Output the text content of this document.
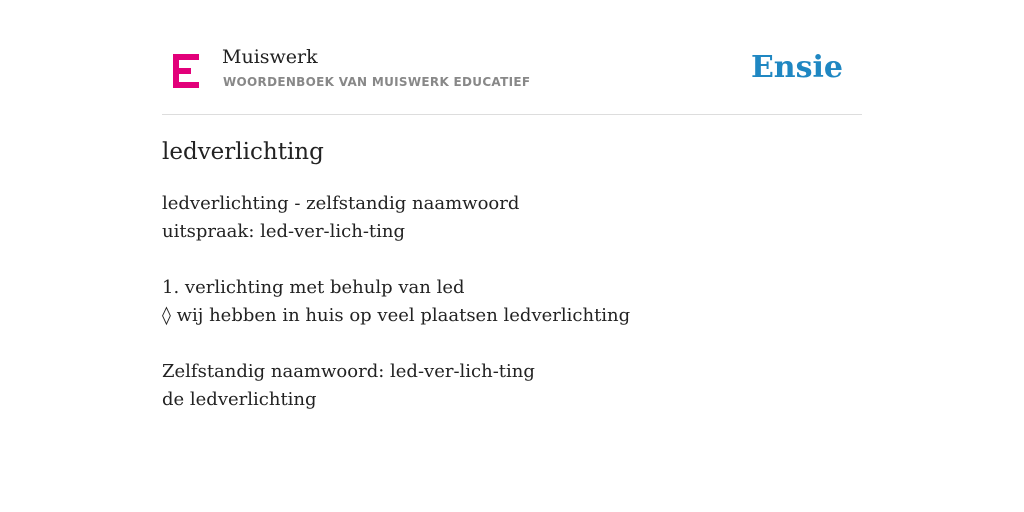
Muiswerk
WOORDENBOEK VAN MUISWERK EDUCATIEF	Ensie
ledverlichting
ledverlichting - zelfstandig naamwoord
uitspraak: led-ver-lich-ting
1. verlichting met behulp van led
◊ wij hebben in huis op veel plaatsen ledverlichting
Zelfstandig naamwoord: led-ver-lich-ting
de ledverlichting
